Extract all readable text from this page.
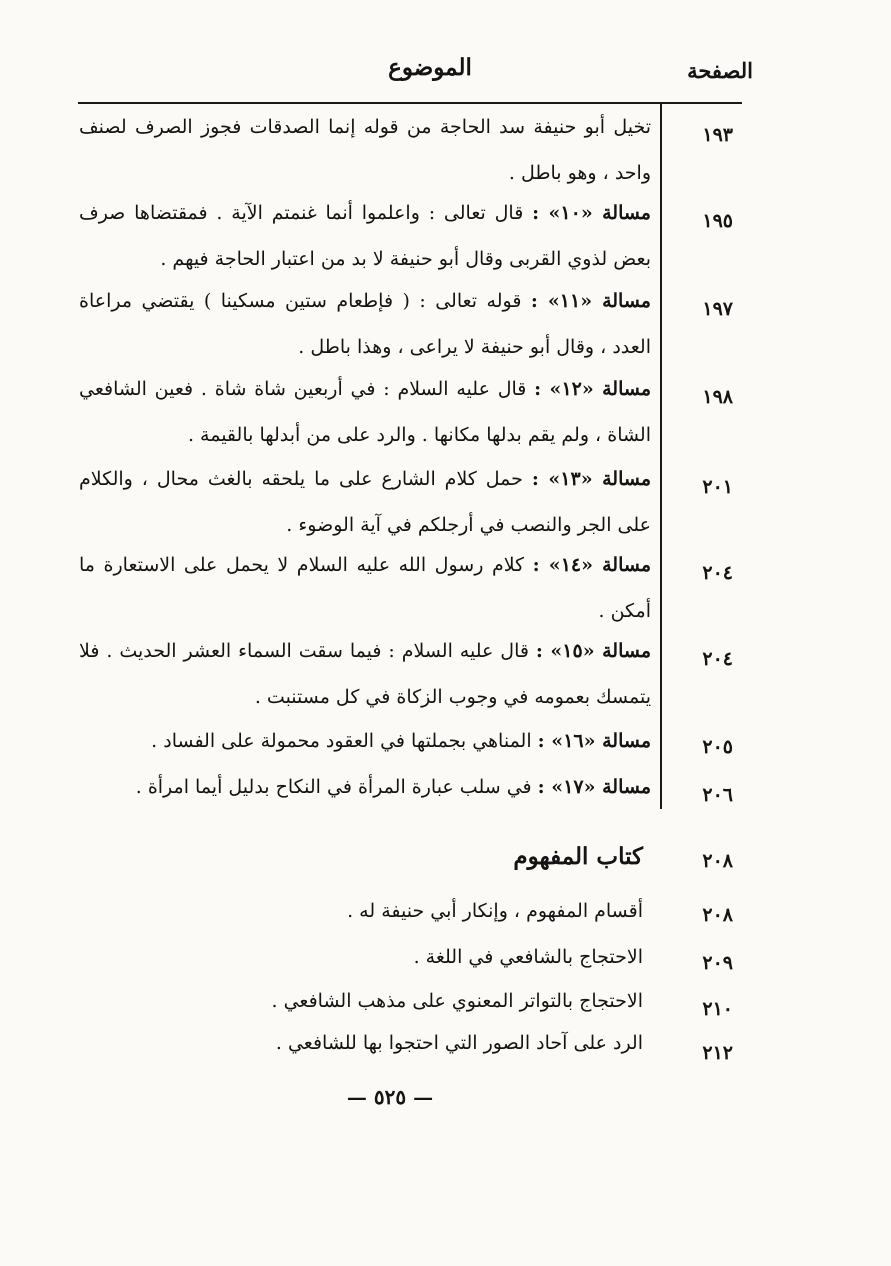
الصفحة
الموضوع
١٩٣
تخيل أبو حنيفة سد الحاجة من قوله إنما الصدقات فجوز الصرف لصنف واحد ، وهو باطل .
١٩٥
مسالة «١٠» : قال تعالى : واعلموا أنما غنمتم الآية . فمقتضاها صرف بعض لذوي القربى وقال أبو حنيفة لا بد من اعتبار الحاجة فيهم .
١٩٧
مسالة «١١» : قوله تعالى : ( فإطعام ستين مسكينا ) يقتضي مراعاة العدد ، وقال أبو حنيفة لا يراعى ، وهذا باطل .
١٩٨
مسالة «١٢» : قال عليه السلام : في أربعين شاة شاة . فعين الشافعي الشاة ، ولم يقم بدلها مكانها . والرد على من أبدلها بالقيمة .
٢٠١
مسالة «١٣» : حمل كلام الشارع على ما يلحقه بالغث محال ، والكلام على الجر والنصب في أرجلكم في آية الوضوء .
٢٠٤
مسالة «١٤» : كلام رسول الله عليه السلام لا يحمل على الاستعارة ما أمكن .
٢٠٤
مسالة «١٥» : قال عليه السلام : فيما سقت السماء العشر الحديث . فلا يتمسك بعمومه في وجوب الزكاة في كل مستنبت .
٢٠٥
مسالة «١٦» : المناهي بجملتها في العقود محمولة على الفساد .
٢٠٦
مسالة «١٧» : في سلب عبارة المرأة في النكاح بدليل أيما امرأة .
٢٠٨
كتاب المفهوم
٢٠٨
أقسام المفهوم ، وإنكار أبي حنيفة له .
٢٠٩
الاحتجاج بالشافعي في اللغة .
٢١٠
الاحتجاج بالتواتر المعنوي على مذهب الشافعي .
٢١٢
الرد على آحاد الصور التي احتجوا بها للشافعي .
— ٥٢٥ —
